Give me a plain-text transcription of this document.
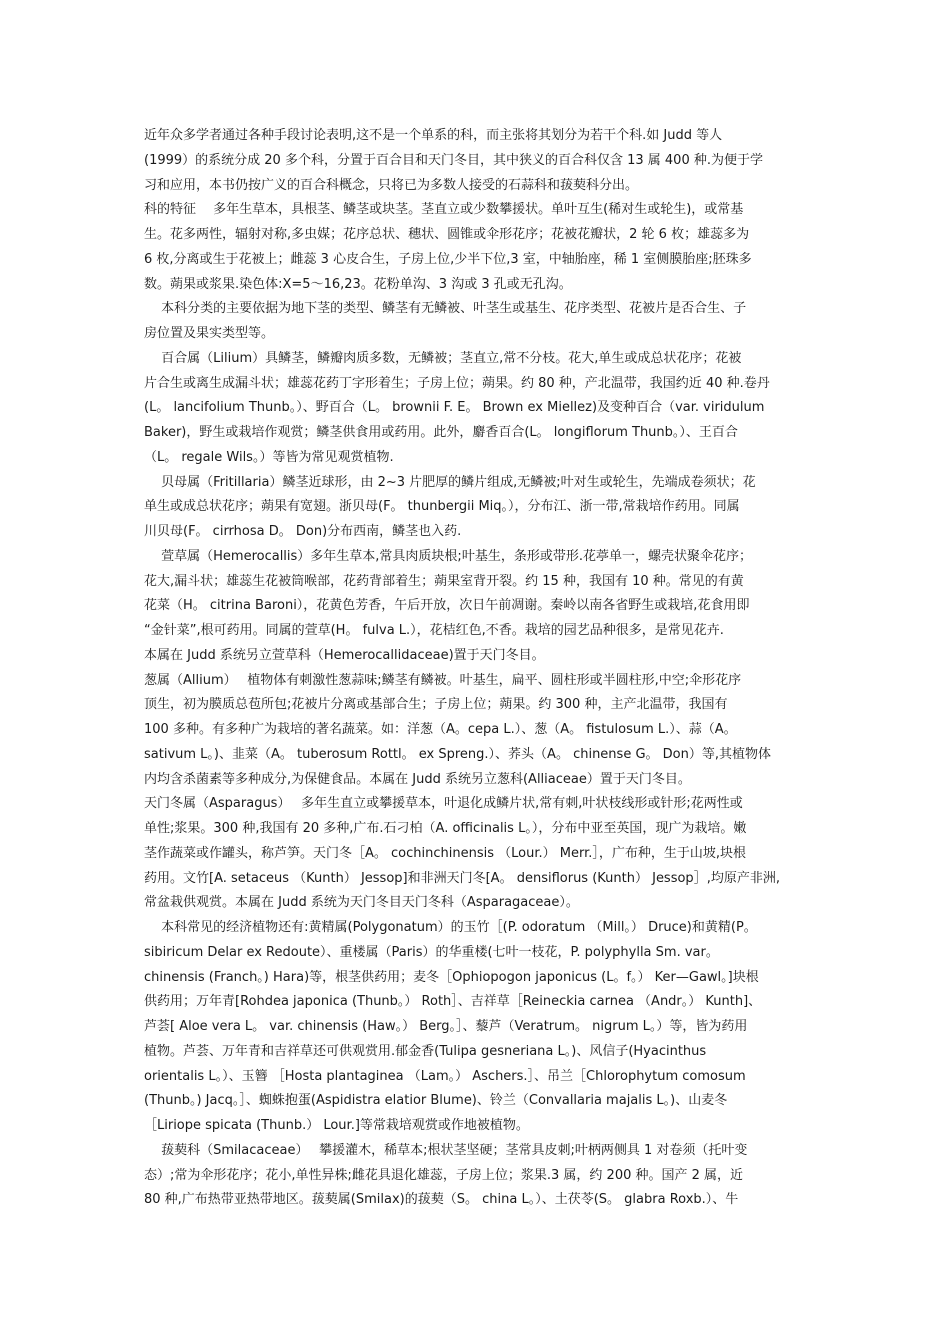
近年众多学者通过各种手段讨论表明,这不是一个单系的科，而主张将其划分为若干个科.如 Judd 等人
(1999）的系统分成 20 多个科，分置于百合目和天门冬目，其中狭义的百合科仅含 13 属 400 种.为便于学
习和应用，本书仍按广义的百合科概念，只将已为多数人接受的石蒜科和菝葜科分出。
科的特征　 多年生草本，具根茎、鳞茎或块茎。茎直立或少数攀援状。单叶互生(稀对生或轮生)，或常基
生。花多两性，辐射对称,多虫媒；花序总状、穗状、圆锥或伞形花序；花被花瓣状，2 轮 6 枚；雄蕊多为
6 枚,分离或生于花被上；雌蕊 3 心皮合生，子房上位,少半下位,3 室，中轴胎座，稀 1 室侧膜胎座;胚珠多
数。蒴果或浆果.染色体:X=5～16,23。花粉单沟、3 沟或 3 孔或无孔沟。
　 本科分类的主要依据为地下茎的类型、鳞茎有无鳞被、叶茎生或基生、花序类型、花被片是否合生、子
房位置及果实类型等。
　 百合属（Lilium）具鳞茎，鳞瓣肉质多数，无鳞被；茎直立,常不分枝。花大,单生或成总状花序；花被
片合生或离生成漏斗状；雄蕊花药丁字形着生；子房上位；蒴果。约 80 种，产北温带，我国约近 40 种.卷丹
(L。 lancifolium Thunb。）、野百合（L。 brownii F. E。 Brown ex Miellez)及变种百合（var. viridulum
Baker)，野生或栽培作观赏；鳞茎供食用或药用。此外，麝香百合(L。 longiflorum Thunb。）、王百合
（L。 regale Wils。）等皆为常见观赏植物.
　 贝母属（Fritillaria）鳞茎近球形，由 2~3 片肥厚的鳞片组成,无鳞被;叶对生或轮生，先端成卷须状；花
单生或成总状花序；蒴果有宽翅。浙贝母(F。 thunbergii Miq。），分布江、浙一带,常栽培作药用。同属
川贝母(F。 cirrhosa D。 Don)分布西南，鳞茎也入药.
　 萱草属（Hemerocallis）多年生草本,常具肉质块根;叶基生，条形或带形.花葶单一，螺壳状聚伞花序；
花大,漏斗状；雄蕊生花被筒喉部，花药背部着生；蒴果室背开裂。约 15 种，我国有 10 种。常见的有黄
花菜（H。 citrina Baroni），花黄色芳香，午后开放，次日午前凋谢。秦岭以南各省野生或栽培,花食用即
“金针菜”,根可药用。同属的萱草(H。 fulva L.），花桔红色,不香。栽培的园艺品种很多，是常见花卉.
本属在 Judd 系统另立萱草科（Hemerocallidaceae)置于天门冬目。
葱属（Allium）　 植物体有刺激性葱蒜味;鳞茎有鳞被。叶基生，扁平、圆柱形或半圆柱形,中空;伞形花序
顶生，初为膜质总苞所包;花被片分离或基部合生；子房上位；蒴果。约 300 种，主产北温带，我国有
100 多种。有多种广为栽培的著名蔬菜。如：洋葱（A。cepa L.）、葱（A。 fistulosum L.）、蒜（A。
sativum L。)、韭菜（A。 tuberosum Rottl。 ex Spreng.）、荞头（A。 chinense G。 Don）等,其植物体
内均含杀菌素等多种成分,为保健食品。本属在 Judd 系统另立葱科(Alliaceae）置于天门冬目。
天门冬属（Asparagus）　 多年生直立或攀援草本，叶退化成鳞片状,常有刺,叶状枝线形或针形;花两性或
单性;浆果。300 种,我国有 20 多种,广布.石刁柏（A. officinalis L。），分布中亚至英国，现广为栽培。嫩
茎作蔬菜或作罐头，称芦笋。天门冬［A。 cochinchinensis （Lour.） Merr.］，广布种，生于山坡,块根
药用。文竹[A. setaceus （Kunth） Jessop]和非洲天门冬[A。 densiflorus (Kunth） Jessop］,均原产非洲,
常盆栽供观赏。本属在 Judd 系统为天门冬目天门冬科（Asparagaceae）。
　 本科常见的经济植物还有:黄精属(Polygonatum）的玉竹［(P. odoratum （Mill。） Druce)和黄精(P。
sibiricum Delar ex Redoute）、重楼属（Paris）的华重楼(七叶一枝花，P. polyphylla Sm. var。
chinensis (Franch。) Hara)等，根茎供药用；麦冬［Ophiopogon japonicus (L。f。） Ker—Gawl。]块根
供药用；万年青[Rohdea japonica (Thunb。） Roth］、吉祥草［Reineckia carnea （Andr。） Kunth]、
芦荟[ Aloe vera L。 var. chinensis (Haw。） Berg。］、藜芦（Veratrum。 nigrum L。）等，皆为药用
植物。芦荟、万年青和吉祥草还可供观赏用.郁金香(Tulipa gesneriana L。)、风信子(Hyacinthus
orientalis L。）、玉簪 ［Hosta plantaginea （Lam。） Aschers.］、吊兰［Chlorophytum comosum
(Thunb。) Jacq。］、蜘蛛抱蛋(Aspidistra elatior Blume)、铃兰（Convallaria majalis L。)、山麦冬
［Liriope spicata (Thunb.） Lour.]等常栽培观赏或作地被植物。
　 菝葜科（Smilacaceae）　 攀援灌木，稀草本;根状茎坚硬；茎常具皮刺;叶柄两侧具 1 对卷须（托叶变
态）;常为伞形花序；花小,单性异株;雌花具退化雄蕊，子房上位；浆果.3 属，约 200 种。国产 2 属，近
80 种,广布热带亚热带地区。菝葜属(Smilax)的菝葜（S。 china L。）、土茯苓(S。 glabra Roxb.）、牛
